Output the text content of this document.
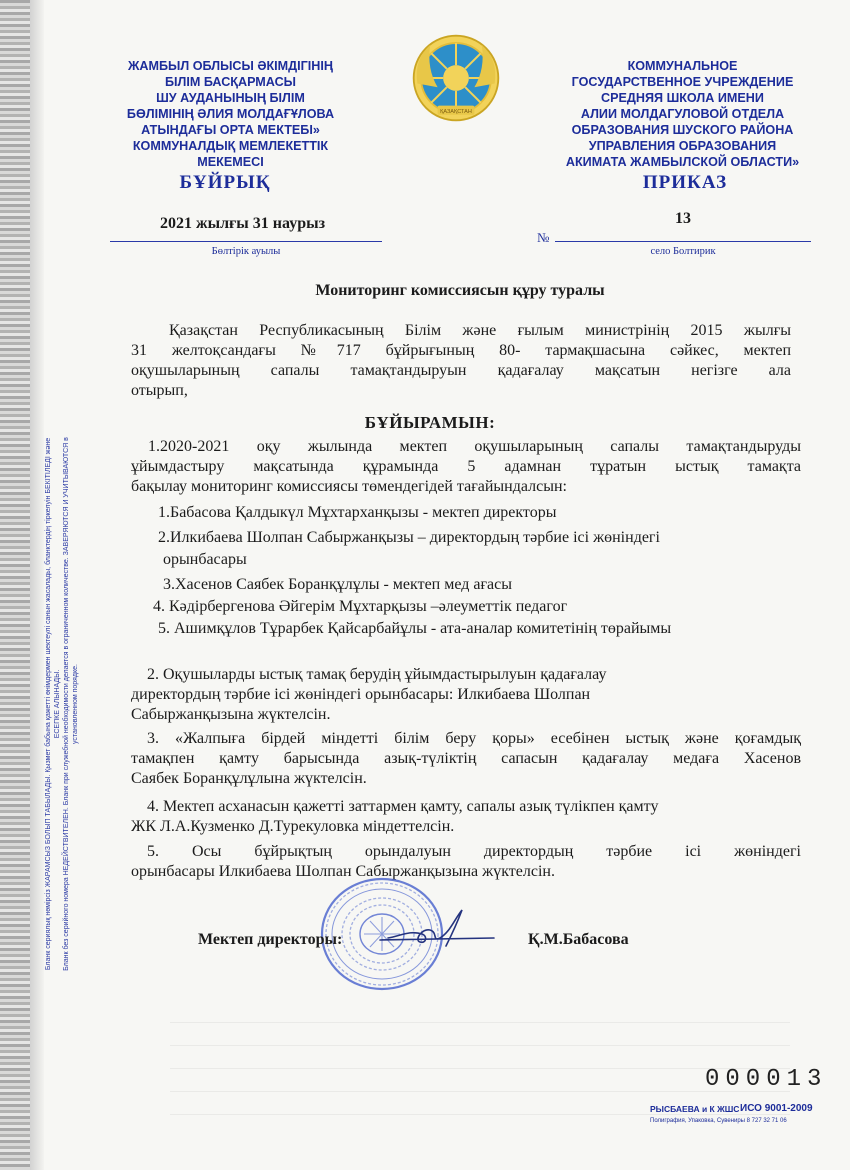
Бланк сериялық нөмірсіз ЖАРАМСЫЗ БОЛЫП ТАБЫЛАДЫ. Қызмет бабына қажетті өнімдермен шектеулі санын жасалады, бланктердің тіркелуін БЕКІТІЛЕДІ және ЕСЕПКЕ АЛЫНАДЫ. Бланк без серийного номера НЕДЕЙСТВИТЕЛЕН. Бланк при служебной необходимости делается в ограниченном количестве. ЗАВЕРЯЮТСЯ И УЧИТЫВАЮТСЯ в установленном порядке.
ЖАМБЫЛ ОБЛЫСЫ ӘКІМДІГІНІҢ
БІЛІМ БАСҚАРМАСЫ
ШУ АУДАНЫНЫҢ БІЛІМ
БӨЛІМІНІҢ ӘЛИЯ МОЛДАҒҰЛОВА
АТЫНДАҒЫ ОРТА МЕКТЕБІ»
КОММУНАЛДЫҚ МЕМЛЕКЕТТІК
МЕКЕМЕСІ
ҚАЗАҚСТАН
КОММУНАЛЬНОЕ
ГОСУДАРСТВЕННОЕ УЧРЕЖДЕНИЕ
СРЕДНЯЯ ШКОЛА ИМЕНИ
АЛИИ МОЛДАГУЛОВОЙ ОТДЕЛА
ОБРАЗОВАНИЯ ШУСКОГО РАЙОНА
УПРАВЛЕНИЯ ОБРАЗОВАНИЯ
АКИМАТА ЖАМБЫЛСКОЙ ОБЛАСТИ»
БҰЙРЫҚ	ПРИКАЗ
2021 жылғы 31 наурыз
Бөлтірік ауылы
№
13
село Болтирик
Мониторинг комиссиясын құру туралы
Қазақстан Республикасының Білім және ғылым министрінің 2015 жылғы
31 желтоқсандағы №717 бұйрығының 80- тармақшасына сәйкес, мектеп
оқушыларының сапалы тамақтандыруын қадағалау мақсатын негізге ала
отырып,
БҰЙЫРАМЫН:
1.2020-2021 оқу жылында мектеп оқушыларының сапалы тамақтандыруды
ұйымдастыру мақсатында құрамында 5 адамнан тұратын ыстық тамақта
бақылау мониторинг комиссиясы төмендегідей тағайындалсын:
1.Бабасова Қалдыкүл Мұхтарханқызы - мектеп директоры
2.Илкибаева Шолпан Сабыржанқызы – директордың тәрбие ісі жөніндегі
орынбасары
3.Хасенов Саябек Боранқұлұлы - мектеп мед ағасы
4. Кәдірбергенова Әйгерім Мұхтарқызы –әлеуметтік педагог
5. Ашимқұлов Тұрарбек Қайсарбайұлы - ата-аналар комитетінің төрайымы
2. Оқушыларды ыстық тамақ берудің ұйымдастырылуын қадағалау
директордың тәрбие ісі жөніндегі орынбасары: Илкибаева Шолпан
Сабыржанқызына жүктелсін.
3. «Жалпыға бірдей міндетті білім беру қоры» есебінен ыстық және қоғамдық
тамақпен қамту барысында азық-түліктің сапасын қадағалау медаға Хасенов
Саябек Боранқұлұлына жүктелсін.
4. Мектеп асханасын қажетті заттармен қамту, сапалы азық түлікпен қамту
ЖК Л.А.Кузменко Д.Турекуловка міндеттелсін.
5. Осы бұйрықтың орындалуын директордың тәрбие ісі жөніндегі
орынбасары Илкибаева Шолпан Сабыржанқызына жүктелсін.
Мектеп директоры:	Қ.М.Бабасова
000013
РЫСБАЕВА и К ЖШС ИСО 9001-2009
Полиграфия, Упаковка, Сувениры 8 727 32 71 06
